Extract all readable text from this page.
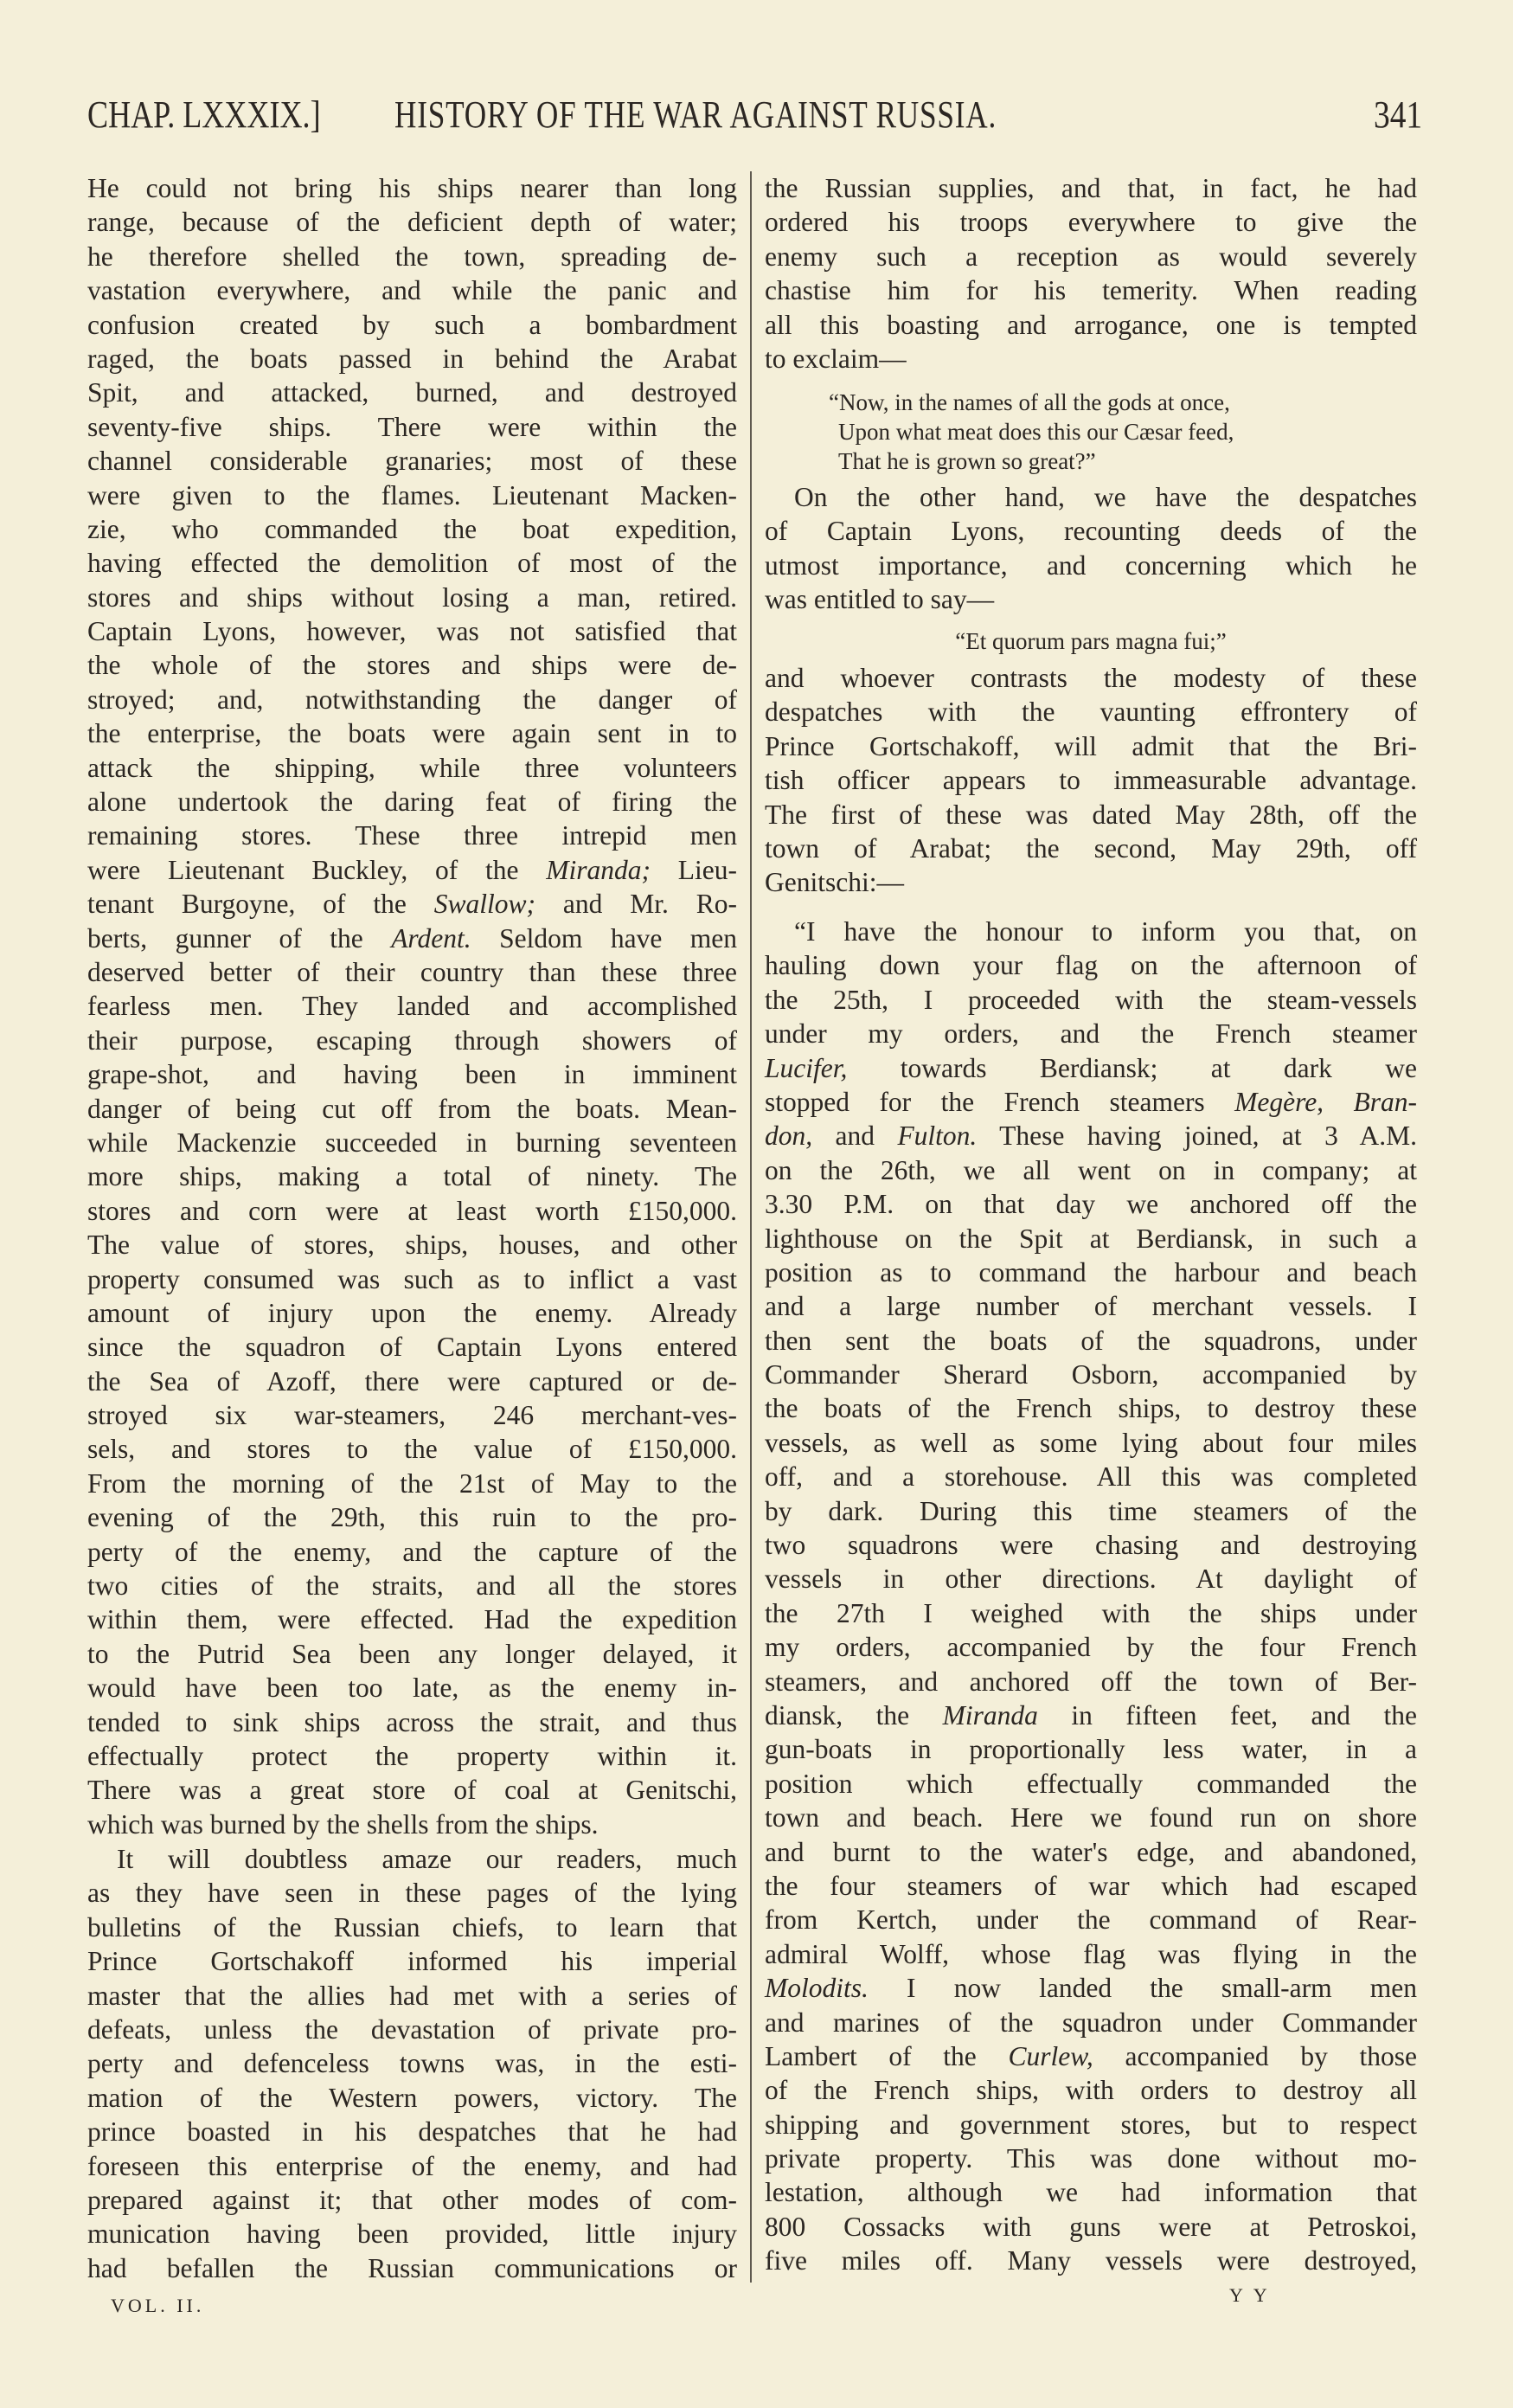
CHAP. LXXXIX.] HISTORY OF THE WAR AGAINST RUSSIA.	341
He could not bring his ships nearer than long
range, because of the deficient depth of water;
he therefore shelled the town, spreading de-
vastation everywhere, and while the panic and
confusion created by such a bombardment
raged, the boats passed in behind the Arabat
Spit, and attacked, burned, and destroyed
seventy-five ships. There were within the
channel considerable granaries; most of these
were given to the flames. Lieutenant Macken-
zie, who commanded the boat expedition,
having effected the demolition of most of the
stores and ships without losing a man, retired.
Captain Lyons, however, was not satisfied that
the whole of the stores and ships were de-
stroyed; and, notwithstanding the danger of
the enterprise, the boats were again sent in to
attack the shipping, while three volunteers
alone undertook the daring feat of firing the
remaining stores. These three intrepid men
were Lieutenant Buckley, of the Miranda; Lieu-
tenant Burgoyne, of the Swallow; and Mr. Ro-
berts, gunner of the Ardent. Seldom have men
deserved better of their country than these three
fearless men. They landed and accomplished
their purpose, escaping through showers of
grape-shot, and having been in imminent
danger of being cut off from the boats. Mean-
while Mackenzie succeeded in burning seventeen
more ships, making a total of ninety. The
stores and corn were at least worth £150,000.
The value of stores, ships, houses, and other
property consumed was such as to inflict a vast
amount of injury upon the enemy. Already
since the squadron of Captain Lyons entered
the Sea of Azoff, there were captured or de-
stroyed six war-steamers, 246 merchant-ves-
sels, and stores to the value of £150,000.
From the morning of the 21st of May to the
evening of the 29th, this ruin to the pro-
perty of the enemy, and the capture of the
two cities of the straits, and all the stores
within them, were effected. Had the expedition
to the Putrid Sea been any longer delayed, it
would have been too late, as the enemy in-
tended to sink ships across the strait, and thus
effectually protect the property within it.
There was a great store of coal at Genitschi,
which was burned by the shells from the ships.
It will doubtless amaze our readers, much
as they have seen in these pages of the lying
bulletins of the Russian chiefs, to learn that
Prince Gortschakoff informed his imperial
master that the allies had met with a series of
defeats, unless the devastation of private pro-
perty and defenceless towns was, in the esti-
mation of the Western powers, victory. The
prince boasted in his despatches that he had
foreseen this enterprise of the enemy, and had
prepared against it; that other modes of com-
munication having been provided, little injury
had befallen the Russian communications or
the Russian supplies, and that, in fact, he had
ordered his troops everywhere to give the
enemy such a reception as would severely
chastise him for his temerity. When reading
all this boasting and arrogance, one is tempted
to exclaim—
“Now, in the names of all the gods at once,
Upon what meat does this our Cæsar feed,
That he is grown so great?”
On the other hand, we have the despatches
of Captain Lyons, recounting deeds of the
utmost importance, and concerning which he
was entitled to say—
“Et quorum pars magna fui;”
and whoever contrasts the modesty of these
despatches with the vaunting effrontery of
Prince Gortschakoff, will admit that the Bri-
tish officer appears to immeasurable advantage.
The first of these was dated May 28th, off the
town of Arabat; the second, May 29th, off
Genitschi:—
“I have the honour to inform you that, on
hauling down your flag on the afternoon of
the 25th, I proceeded with the steam-vessels
under my orders, and the French steamer
Lucifer, towards Berdiansk; at dark we
stopped for the French steamers Megère, Bran-
don, and Fulton. These having joined, at 3 A.M.
on the 26th, we all went on in company; at
3.30 P.M. on that day we anchored off the
lighthouse on the Spit at Berdiansk, in such a
position as to command the harbour and beach
and a large number of merchant vessels. I
then sent the boats of the squadrons, under
Commander Sherard Osborn, accompanied by
the boats of the French ships, to destroy these
vessels, as well as some lying about four miles
off, and a storehouse. All this was completed
by dark. During this time steamers of the
two squadrons were chasing and destroying
vessels in other directions. At daylight of
the 27th I weighed with the ships under
my orders, accompanied by the four French
steamers, and anchored off the town of Ber-
diansk, the Miranda in fifteen feet, and the
gun-boats in proportionally less water, in a
position which effectually commanded the
town and beach. Here we found run on shore
and burnt to the water's edge, and abandoned,
the four steamers of war which had escaped
from Kertch, under the command of Rear-
admiral Wolff, whose flag was flying in the
Molodits. I now landed the small-arm men
and marines of the squadron under Commander
Lambert of the Curlew, accompanied by those
of the French ships, with orders to destroy all
shipping and government stores, but to respect
private property. This was done without mo-
lestation, although we had information that
800 Cossacks with guns were at Petroskoi,
five miles off. Many vessels were destroyed,
VOL. II.	Y Y
